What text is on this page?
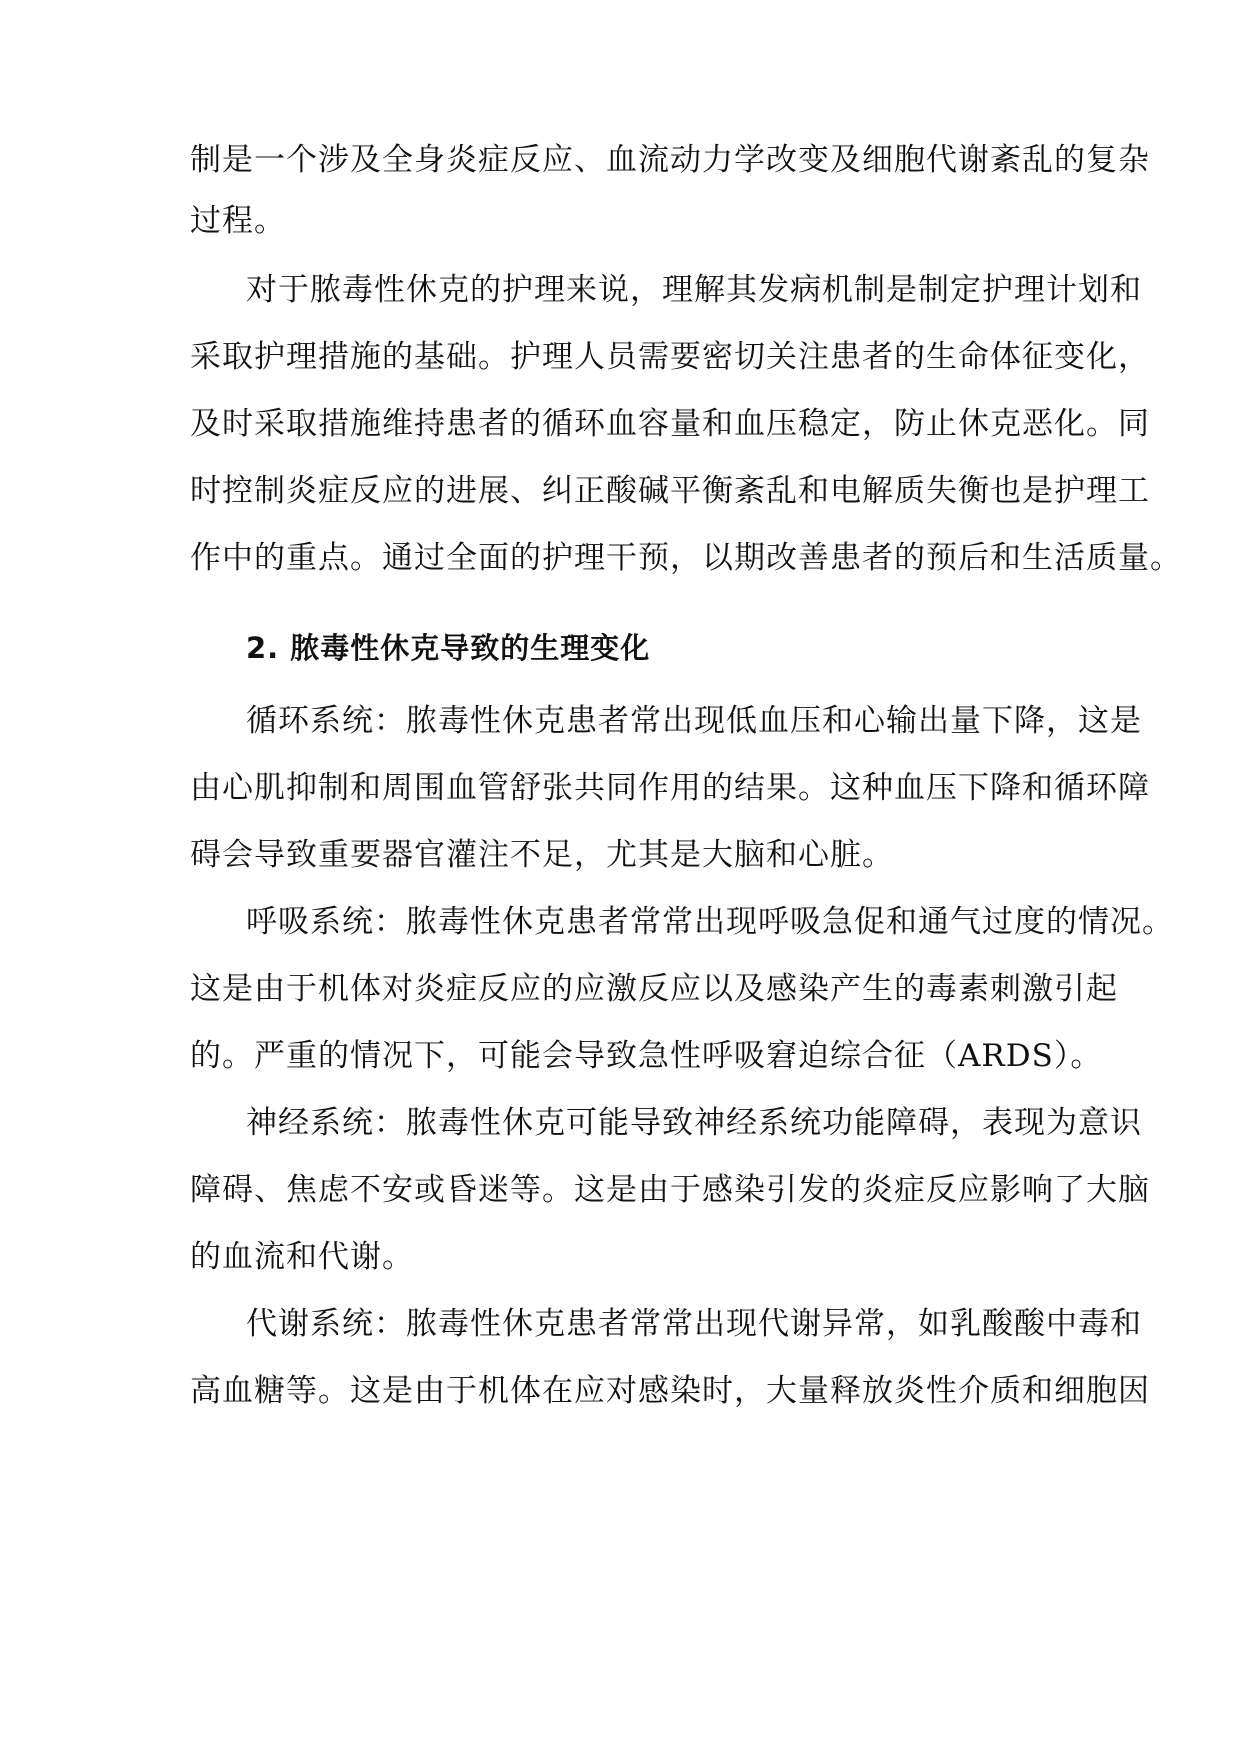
制是一个涉及全身炎症反应、血流动力学改变及细胞代谢紊乱的复杂
过程。
对于脓毒性休克的护理来说，理解其发病机制是制定护理计划和
采取护理措施的基础。护理人员需要密切关注患者的生命体征变化，
及时采取措施维持患者的循环血容量和血压稳定，防止休克恶化。同
时控制炎症反应的进展、纠正酸碱平衡紊乱和电解质失衡也是护理工
作中的重点。通过全面的护理干预，以期改善患者的预后和生活质量。
2. 脓毒性休克导致的生理变化
循环系统：脓毒性休克患者常出现低血压和心输出量下降，这是
由心肌抑制和周围血管舒张共同作用的结果。这种血压下降和循环障
碍会导致重要器官灌注不足，尤其是大脑和心脏。
呼吸系统：脓毒性休克患者常常出现呼吸急促和通气过度的情况。
这是由于机体对炎症反应的应激反应以及感染产生的毒素刺激引起
的。严重的情况下，可能会导致急性呼吸窘迫综合征（ARDS）。
神经系统：脓毒性休克可能导致神经系统功能障碍，表现为意识
障碍、焦虑不安或昏迷等。这是由于感染引发的炎症反应影响了大脑
的血流和代谢。
代谢系统：脓毒性休克患者常常出现代谢异常，如乳酸酸中毒和
高血糖等。这是由于机体在应对感染时，大量释放炎性介质和细胞因
